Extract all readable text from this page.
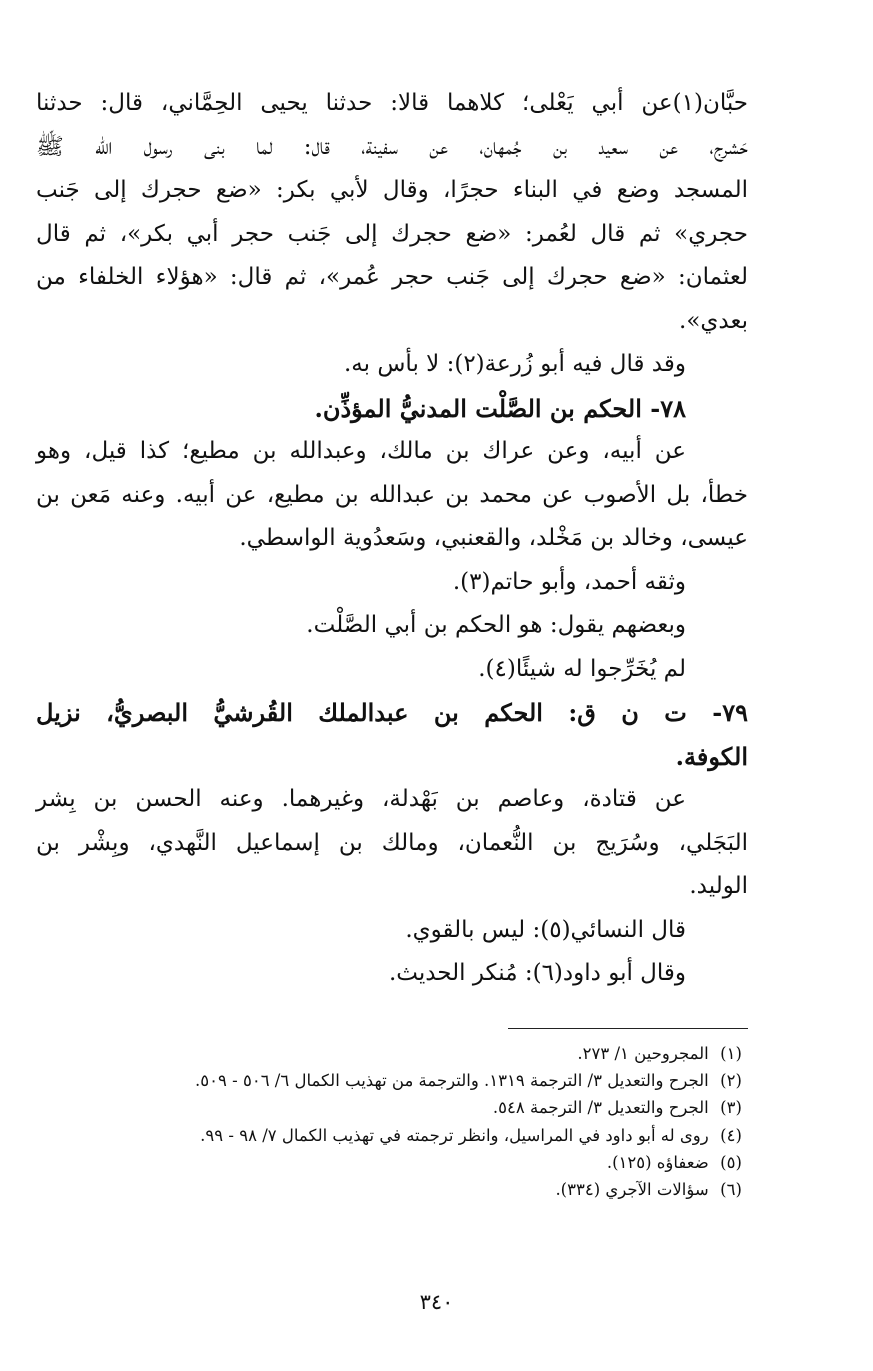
حبَّان(١)عن أبي يَعْلى؛ كلاهما قالا: حدثنا يحيى الحِمَّاني، قال: حدثنا
حَشرج، عن سعيد بن جُمهان، عن سفينة، قال: لما بنى رسول الله ﷺ
المسجد وضع في البناء حجرًا، وقال لأبي بكر: «ضع حجرك إلى جَنب
حجري» ثم قال لعُمر: «ضع حجرك إلى جَنب حجر أبي بكر»، ثم قال
لعثمان: «ضع حجرك إلى جَنب حجر عُمر»، ثم قال: «هؤلاء الخلفاء من
بعدي».
وقد قال فيه أبو زُرعة(٢): لا بأس به.
٧٨- الحكم بن الصَّلْت المدنيُّ المؤذِّن.
عن أبيه، وعن عراك بن مالك، وعبدالله بن مطيع؛ كذا قيل، وهو
خطأ، بل الأصوب عن محمد بن عبدالله بن مطيع، عن أبيه. وعنه مَعن بن
عيسى، وخالد بن مَخْلد، والقعنبي، وسَعدُوية الواسطي.
وثقه أحمد، وأبو حاتم(٣).
وبعضهم يقول: هو الحكم بن أبي الصَّلْت.
لم يُخَرِّجوا له شيئًا(٤).
٧٩- ت ن ق: الحكم بن عبدالملك القُرشيُّ البصريُّ، نزيل
الكوفة.
عن قتادة، وعاصم بن بَهْدلة، وغيرهما. وعنه الحسن بن بِشر
البَجَلي، وسُرَيج بن النُّعمان، ومالك بن إسماعيل النَّهدي، وبِشْر بن
الوليد.
قال النسائي(٥): ليس بالقوي.
وقال أبو داود(٦): مُنكر الحديث.
(١) المجروحين ١/ ٢٧٣.
(٢) الجرح والتعديل ٣/ الترجمة ١٣١٩. والترجمة من تهذيب الكمال ٦/ ٥٠٦ - ٥٠٩.
(٣) الجرح والتعديل ٣/ الترجمة ٥٤٨.
(٤) روى له أبو داود في المراسيل، وانظر ترجمته في تهذيب الكمال ٧/ ٩٨ - ٩٩.
(٥) ضعفاؤه (١٢٥).
(٦) سؤالات الآجري (٣٣٤).
٣٤٠
